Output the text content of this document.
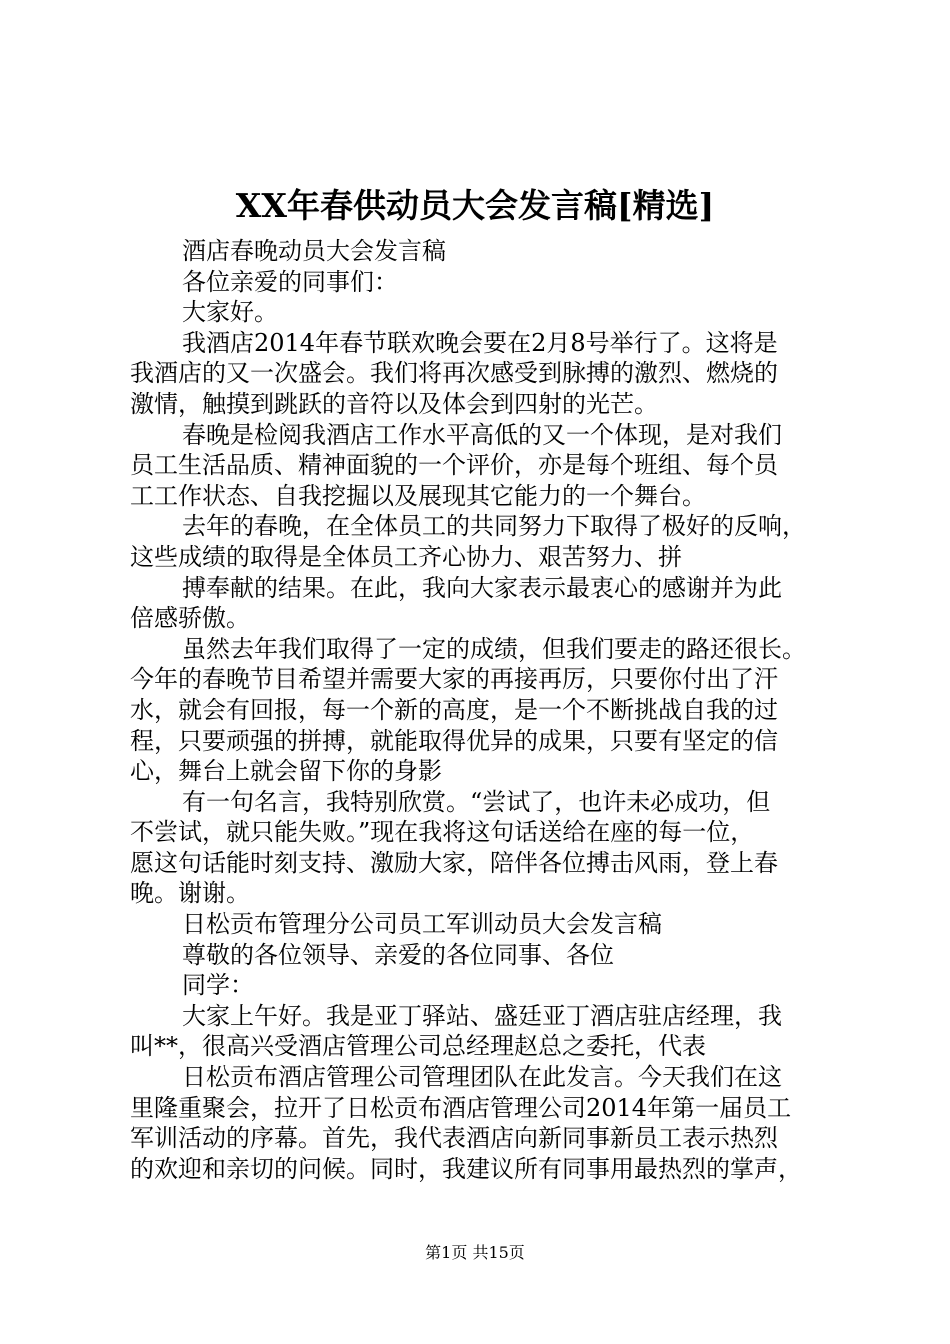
XX年春供动员大会发言稿[精选]
酒店春晚动员大会发言稿
各位亲爱的同事们：
大家好。
我酒店2014年春节联欢晚会要在2月8号举行了。这将是
我酒店的又一次盛会。我们将再次感受到脉搏的激烈、燃烧的
激情，触摸到跳跃的音符以及体会到四射的光芒。
春晚是检阅我酒店工作水平高低的又一个体现，是对我们
员工生活品质、精神面貌的一个评价，亦是每个班组、每个员
工工作状态、自我挖掘以及展现其它能力的一个舞台。
去年的春晚，在全体员工的共同努力下取得了极好的反响，
这些成绩的取得是全体员工齐心协力、艰苦努力、拼
搏奉献的结果。在此，我向大家表示最衷心的感谢并为此
倍感骄傲。
虽然去年我们取得了一定的成绩，但我们要走的路还很长。
今年的春晚节目希望并需要大家的再接再厉，只要你付出了汗
水，就会有回报，每一个新的高度，是一个不断挑战自我的过
程，只要顽强的拼搏，就能取得优异的成果，只要有坚定的信
心，舞台上就会留下你的身影
有一句名言，我特别欣赏。“尝试了，也许未必成功，但
不尝试，就只能失败。”现在我将这句话送给在座的每一位，
愿这句话能时刻支持、激励大家，陪伴各位搏击风雨，登上春
晚。谢谢。
日松贡布管理分公司员工军训动员大会发言稿
尊敬的各位领导、亲爱的各位同事、各位
同学：
大家上午好。我是亚丁驿站、盛廷亚丁酒店驻店经理，我
叫**，很高兴受酒店管理公司总经理赵总之委托，代表
日松贡布酒店管理公司管理团队在此发言。今天我们在这
里隆重聚会，拉开了日松贡布酒店管理公司2014年第一届员工
军训活动的序幕。首先，我代表酒店向新同事新员工表示热烈
的欢迎和亲切的问候。同时，我建议所有同事用最热烈的掌声，
第1页 共15页
